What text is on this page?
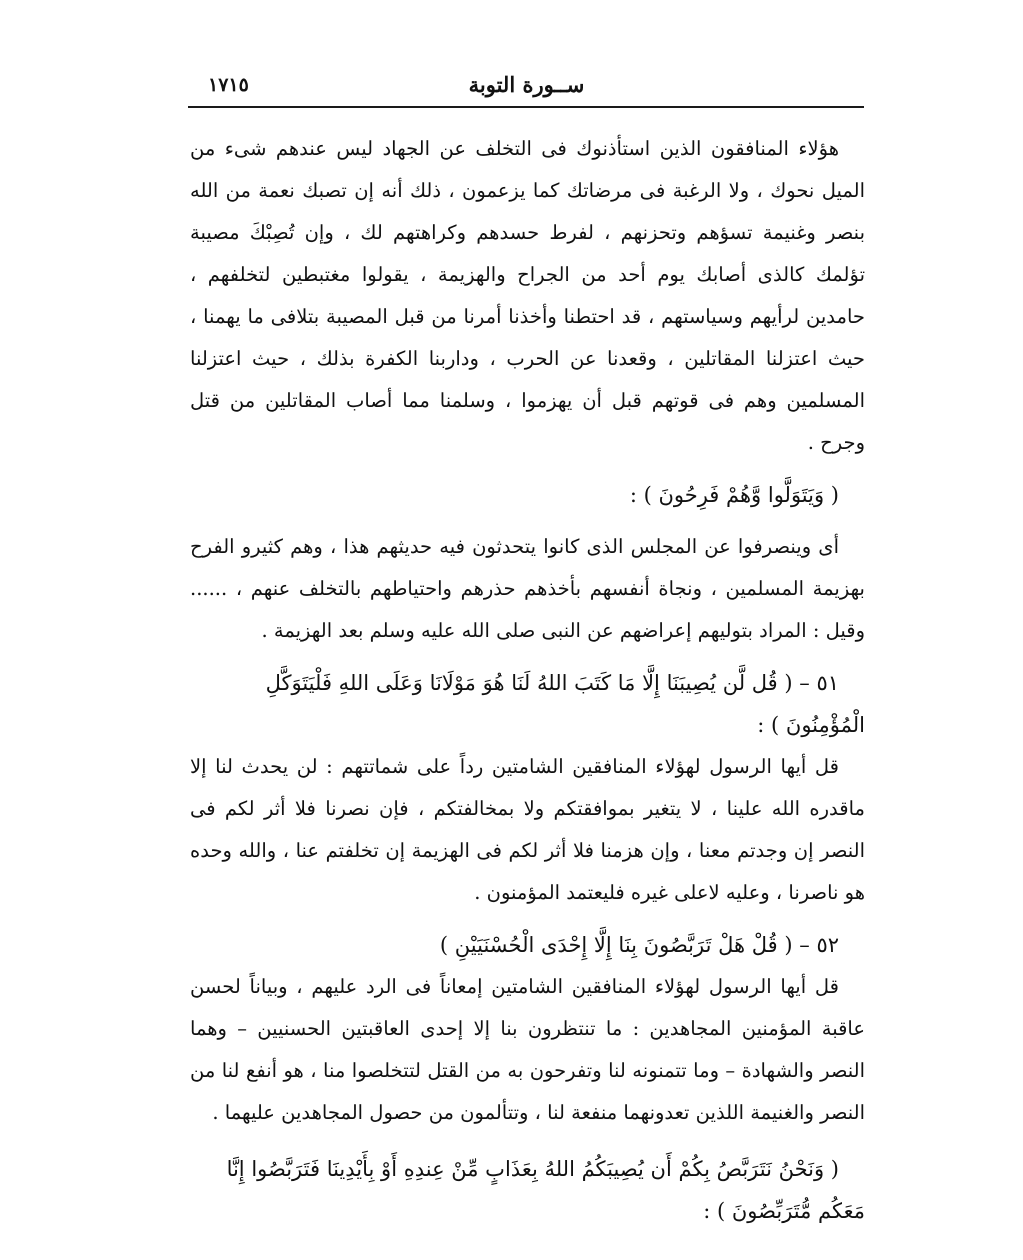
ســورة التوبة
١٧١٥

هؤلاء المنافقون الذين استأذنوك فى التخلف عن الجهاد ليس عندهم شىء من الميل نحوك ، ولا الرغبة فى مرضاتك كما يزعمون ، ذلك أنه إن تصبك نعمة من الله بنصر وغنيمة تسؤهم وتحزنهم ، لفرط حسدهم وكراهتهم لك ، وإن تُصِبْكَ مصيبة تؤلمك كالذى أصابك يوم أحد من الجراح والهزيمة ، يقولوا مغتبطين لتخلفهم ، حامدين لرأيهم وسياستهم ، قد احتطنا وأخذنا أمرنا من قبل المصيبة بتلافى ما يهمنا ، حيث اعتزلنا المقاتلين ، وقعدنا عن الحرب ، وداربنا الكفرة بذلك ، حيث اعتزلنا المسلمين وهم فى قوتهم قبل أن يهزموا ، وسلمنا مما أصاب المقاتلين من قتل وجرح .

( وَيَتَوَلَّوا وَّهُمْ فَرِحُونَ ) :

أى وينصرفوا عن المجلس الذى كانوا يتحدثون فيه حديثهم هذا ، وهم كثيرو الفرح بهزيمة المسلمين ، ونجاة أنفسهم بأخذهم حذرهم واحتياطهم بالتخلف عنهم ، ...... وقيل : المراد بتوليهم إعراضهم عن النبى صلى الله عليه وسلم بعد الهزيمة .

٥١ – ( قُل لَّن يُصِيبَنَا إِلَّا مَا كَتَبَ اللهُ لَنَا هُوَ مَوْلَانَا وَعَلَى اللهِ فَلْيَتَوَكَّلِ الْمُؤْمِنُونَ ) :

قل أيها الرسول لهؤلاء المنافقين الشامتين رداً على شماتتهم : لن يحدث لنا إلا ماقدره الله علينا ، لا يتغير بموافقتكم ولا بمخالفتكم ، فإن نصرنا فلا أثر لكم فى النصر إن وجدتم معنا ، وإن هزمنا فلا أثر لكم فى الهزيمة إن تخلفتم عنا ، والله وحده هو ناصرنا ، وعليه لاعلى غيره فليعتمد المؤمنون .

٥٢ – ( قُلْ هَلْ تَرَبَّصُونَ بِنَا إِلَّا إِحْدَى الْحُسْنَيَيْنِ )

قل أيها الرسول لهؤلاء المنافقين الشامتين إمعاناً فى الرد عليهم ، وبياناً لحسن عاقبة المؤمنين المجاهدين : ما تنتظرون بنا إلا إحدى العاقبتين الحسنيين – وهما النصر والشهادة – وما تتمنونه لنا وتفرحون به من القتل لتتخلصوا منا ، هو أنفع لنا من النصر والغنيمة اللذين تعدونهما منفعة لنا ، وتتألمون من حصول المجاهدين عليهما .

( وَنَحْنُ نَتَرَبَّصُ بِكُمْ أَن يُصِيبَكُمُ اللهُ بِعَذَابٍ مِّنْ عِندِهِ أَوْ بِأَيْدِينَا فَتَرَبَّصُوا إِنَّا مَعَكُم مُّتَرَبِّصُونَ ) :
